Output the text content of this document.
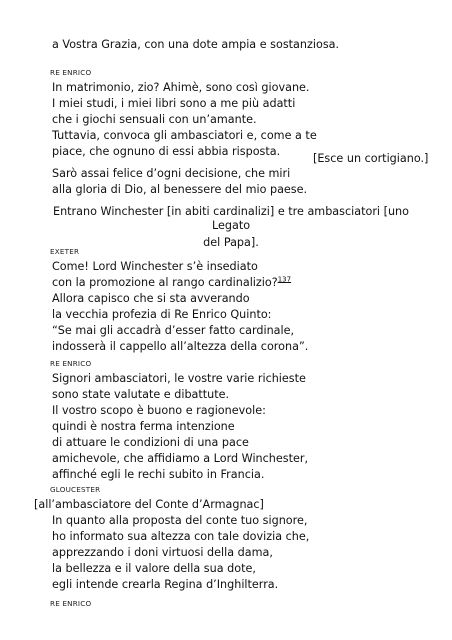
a Vostra Grazia, con una dote ampia e sostanziosa.
RE ENRICO
In matrimonio, zio? Ahimè, sono così giovane.
I miei studi, i miei libri sono a me più adatti
che i giochi sensuali con un’amante.
Tuttavia, convoca gli ambasciatori e, come a te
piace, che ognuno di essi abbia risposta.
[Esce un cortigiano.]
Sarò assai felice d’ogni decisione, che miri
alla gloria di Dio, al benessere del mio paese.
Entrano Winchester [in abiti cardinalizi] e tre ambasciatori [uno Legato
del Papa].
EXETER
Come! Lord Winchester s’è insediato
con la promozione al rango cardinalizio?$^{137}$
Allora capisco che si sta avverando
la vecchia profezia di Re Enrico Quinto:
“Se mai gli accadrà d’esser fatto cardinale,
indosserà il cappello all’altezza della corona”.
RE ENRICO
Signori ambasciatori, le vostre varie richieste
sono state valutate e dibattute.
Il vostro scopo è buono e ragionevole:
quindi è nostra ferma intenzione
di attuare le condizioni di una pace
amichevole, che affidiamo a Lord Winchester,
affinché egli le rechi subito in Francia.
GLOUCESTER
[all’ambasciatore del Conte d’Armagnac]
In quanto alla proposta del conte tuo signore,
ho informato sua altezza con tale dovizia che,
apprezzando i doni virtuosi della dama,
la bellezza e il valore della sua dote,
egli intende crearla Regina d’Inghilterra.
RE ENRICO
